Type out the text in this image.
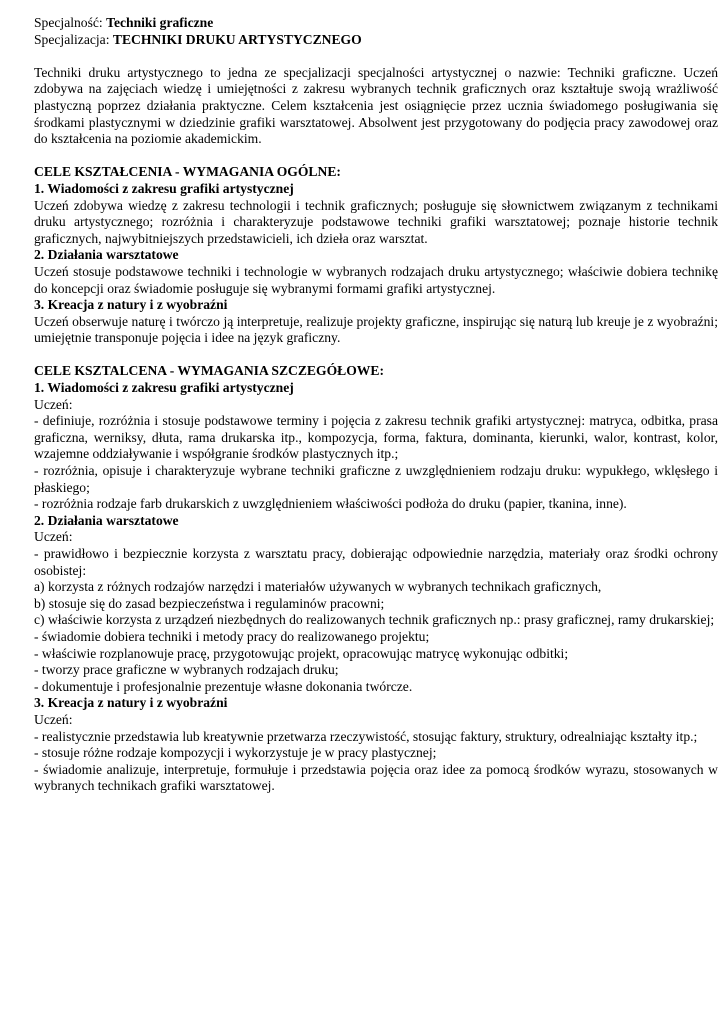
Specjalność: Techniki graficzne

Specjalizacja: TECHNIKI DRUKU ARTYSTYCZNEGO

Techniki druku artystycznego to jedna ze specjalizacji specjalności artystycznej o nazwie: Techniki graficzne. Uczeń zdobywa na zajęciach wiedzę i umiejętności z zakresu wybranych technik graficznych oraz kształtuje swoją wrażliwość plastyczną poprzez działania praktyczne. Celem kształcenia jest osiągnięcie przez ucznia świadomego posługiwania się środkami plastycznymi w dziedzinie grafiki warsztatowej. Absolwent jest przygotowany do podjęcia pracy zawodowej oraz do kształcenia na poziomie akademickim.

CELE KSZTAŁCENIA - WYMAGANIA OGÓLNE:

1. Wiadomości z zakresu grafiki artystycznej

Uczeń zdobywa wiedzę z zakresu technologii i technik graficznych; posługuje się słownictwem związanym z technikami druku artystycznego; rozróżnia i charakteryzuje podstawowe techniki grafiki warsztatowej; poznaje historie technik graficznych, najwybitniejszych przedstawicieli, ich dzieła oraz warsztat.

2. Działania warsztatowe

Uczeń stosuje podstawowe techniki i technologie w wybranych rodzajach druku artystycznego; właściwie dobiera technikę do koncepcji oraz świadomie posługuje się wybranymi formami grafiki artystycznej.

3. Kreacja z natury i z wyobraźni

Uczeń obserwuje naturę i twórczo ją interpretuje, realizuje projekty graficzne, inspirując się naturą lub kreuje je z wyobraźni; umiejętnie transponuje pojęcia i idee na język graficzny.

CELE KSZTALCENA - WYMAGANIA SZCZEGÓŁOWE:

1. Wiadomości z zakresu grafiki artystycznej

Uczeń:

- definiuje, rozróżnia i stosuje podstawowe terminy i pojęcia z zakresu technik grafiki artystycznej: matryca, odbitka, prasa graficzna, werniksy, dłuta, rama drukarska itp., kompozycja, forma, faktura, dominanta, kierunki, walor, kontrast, kolor, wzajemne oddziaływanie i współgranie środków plastycznych itp.;
- rozróżnia, opisuje i charakteryzuje wybrane techniki graficzne z uwzględnieniem rodzaju druku: wypukłego, wklęsłego i płaskiego;
- rozróżnia rodzaje farb drukarskich z uwzględnieniem właściwości podłoża do druku (papier, tkanina, inne).

2. Działania warsztatowe

Uczeń:

- prawidłowo i bezpiecznie korzysta z warsztatu pracy, dobierając odpowiednie narzędzia, materiały oraz środki ochrony osobistej:
a) korzysta z różnych rodzajów narzędzi i materiałów używanych w wybranych technikach graficznych,
b) stosuje się do zasad bezpieczeństwa i regulaminów pracowni;
c) właściwie korzysta z urządzeń niezbędnych do realizowanych technik graficznych np.: prasy graficznej, ramy drukarskiej;
- świadomie dobiera techniki i metody pracy do realizowanego projektu;
- właściwie rozplanowuje pracę, przygotowując projekt, opracowując matrycę wykonując odbitki;
- tworzy prace graficzne w wybranych rodzajach druku;
- dokumentuje i profesjonalnie prezentuje własne dokonania twórcze.

3. Kreacja z natury i z wyobraźni

Uczeń:

- realistycznie przedstawia lub kreatywnie przetwarza rzeczywistość, stosując faktury, struktury, odrealniając kształty itp.;
- stosuje różne rodzaje kompozycji i wykorzystuje je w pracy plastycznej;
- świadomie analizuje, interpretuje, formułuje i przedstawia pojęcia oraz idee za pomocą środków wyrazu, stosowanych w wybranych technikach grafiki warsztatowej.
